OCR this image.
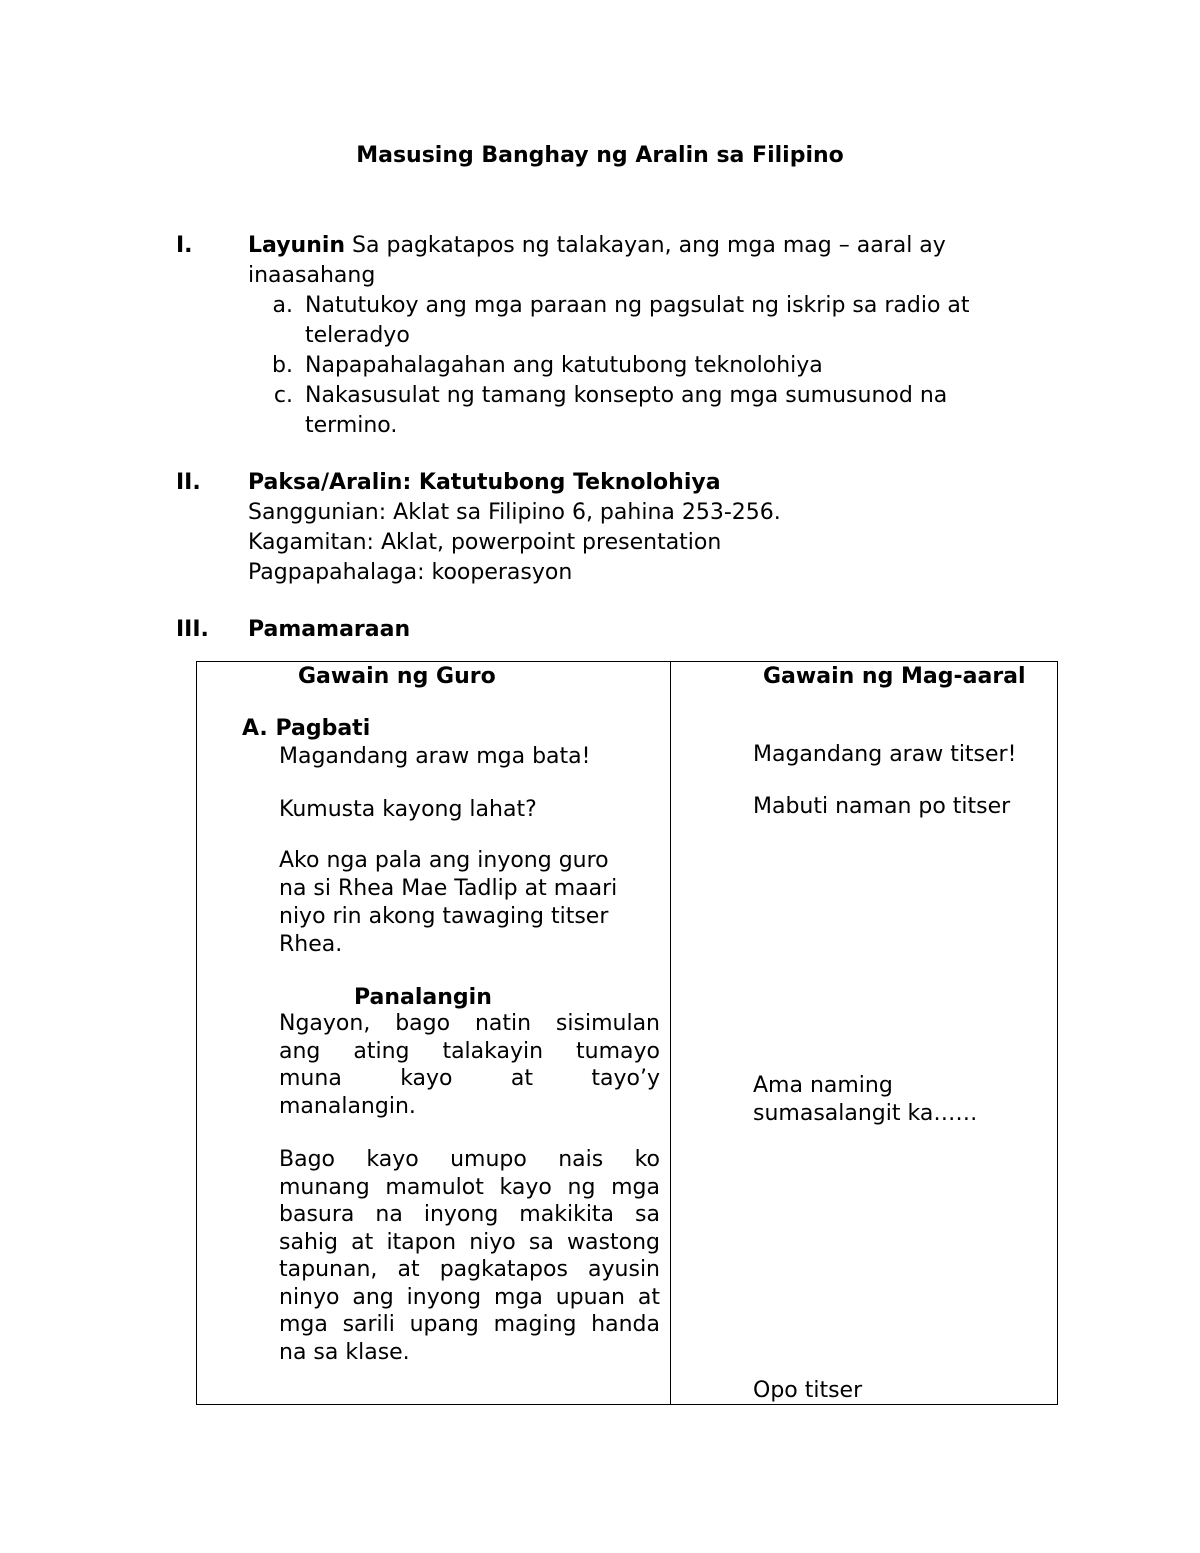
Masusing Banghay ng Aralin sa Filipino
I.	Layunin Sa pagkatapos ng talakayan, ang mga mag – aaral ay inaasahang
a. Natutukoy ang mga paraan ng pagsulat ng iskrip sa radio at teleradyo
b. Napapahalagahan ang katutubong teknolohiya
c. Nakasusulat ng tamang konsepto ang mga sumusunod na termino.
II. Paksa/Aralin: Katutubong Teknolohiya
Sanggunian: Aklat sa Filipino 6, pahina 253-256.
Kagamitan: Aklat, powerpoint presentation
Pagpapahalaga: kooperasyon
III. Pamamaraan
Gawain ng Guro
A. Pagbati
Magandang araw mga bata!
Kumusta kayong lahat?
Ako nga pala ang inyong guro
na si Rhea Mae Tadlip at maari
niyo rin akong tawaging titser
Rhea.
Panalangin
Ngayon, bago natin sisimulan
ang ating talakayin tumayo
muna kayo at tayo’y
manalangin.
Bago kayo umupo nais ko
munang mamulot kayo ng mga
basura na inyong makikita sa
sahig at itapon niyo sa wastong
tapunan, at pagkatapos ayusin
ninyo ang inyong mga upuan at
mga sarili upang maging handa
na sa klase.
Gawain ng Mag-aaral
Magandang araw titser!
Mabuti naman po titser
Ama naming
sumasalangit ka……
Opo titser
